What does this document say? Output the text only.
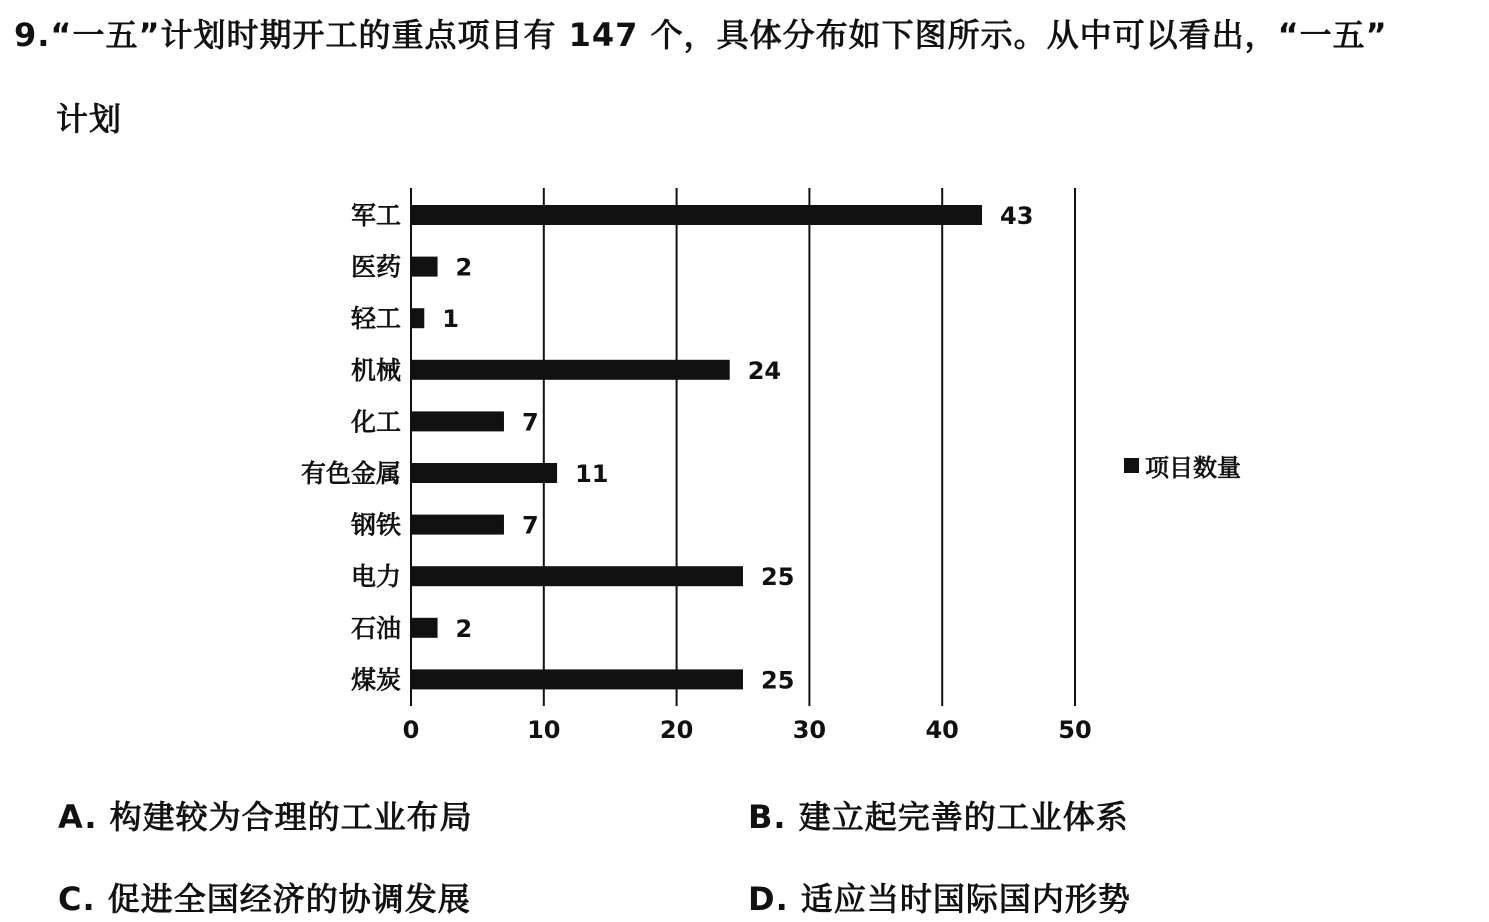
9.“一五”计划时期开工的重点项目有 147 个，具体分布如下图所示。从中可以看出，“一五”
计划
0	10	20	30	40	50
军工	43
医药 2
轻工 1
机械	24
化工	7
有色金属	11
钢铁	7
电力	25
石油 2
煤炭	25
项目数量
A. 构建较为合理的工业布局	B. 建立起完善的工业体系
C. 促进全国经济的协调发展	D. 适应当时国际国内形势
